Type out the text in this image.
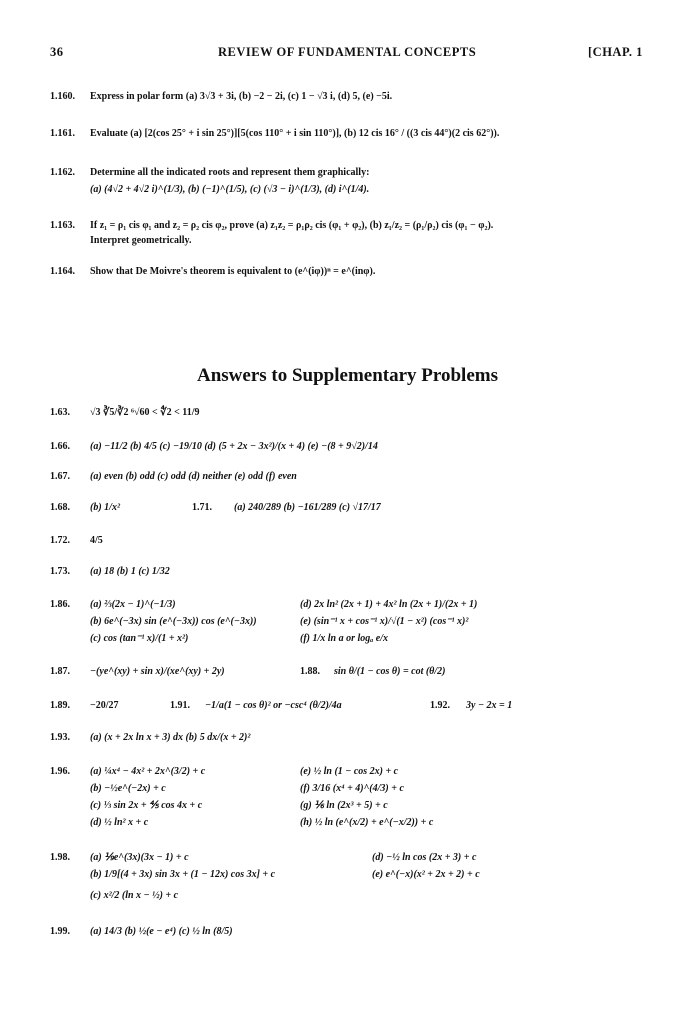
36	REVIEW OF FUNDAMENTAL CONCEPTS	[CHAP. 1
1.160. Express in polar form (a) 3√3 + 3i, (b) −2 − 2i, (c) 1 − √3 i, (d) 5, (e) −5i.
1.161. Evaluate (a) [2(cos 25° + i sin 25°)][5(cos 110° + i sin 110°)], (b) 12 cis 16° / ((3 cis 44°)(2 cis 62°)).
1.162. Determine all the indicated roots and represent them graphically:
(a) (4√2 + 4√2 i)^(1/3), (b) (−1)^(1/5), (c) (√3 − i)^(1/3), (d) i^(1/4).
1.163. If z₁ = ρ₁ cis φ₁ and z₂ = ρ₂ cis φ₂, prove (a) z₁z₂ = ρ₁ρ₂ cis (φ₁ + φ₂), (b) z₁/z₂ = (ρ₁/ρ₂) cis (φ₁ − φ₂).
Interpret geometrically.
1.164. Show that De Moivre's theorem is equivalent to (e^(iφ))ⁿ = e^(inφ).
Answers to Supplementary Problems
1.63. √3 ∛5/∛2 ⁶√60 < ∜2 < 11/9
1.66. (a) −11/2 (b) 4/5 (c) −19/10 (d) (5 + 2x − 3x²)/(x + 4) (e) −(8 + 9√2)/14
1.67. (a) even (b) odd (c) odd (d) neither (e) odd (f) even
1.68. (b) 1/x²	1.71. (a) 240/289 (b) −161/289 (c) √17/17
1.72. 4/5
1.73. (a) 18 (b) 1 (c) 1/32
1.86. (a) ⅔(2x − 1)^(−1/3)
(b) 6e^(−3x) sin (e^(−3x)) cos (e^(−3x))
(c) cos (tan⁻¹ x)/(1 + x²)
(d) 2x ln² (2x + 1) + 4x² ln (2x + 1)/(2x + 1)
(e) (sin⁻¹ x + cos⁻¹ x)/√(1 − x²) (cos⁻¹ x)²
(f) 1/x ln a or logₐ e/x
1.87. −(ye^(xy) + sin x)/(xe^(xy) + 2y)	1.88. sin θ/(1 − cos θ) = cot (θ/2)
1.89. −20/27	1.91. −1/a(1 − cos θ)² or −csc⁴ (θ/2)/4a	1.92. 3y − 2x = 1
1.93. (a) (x + 2x ln x + 3) dx (b) 5 dx/(x + 2)²
1.96. (a) ¼x⁴ − 4x² + 2x^(3/2) + c
(b) −½e^(−2x) + c
(c) ⅓ sin 2x + ⅘ cos 4x + c
(d) ½ ln² x + c
(e) ½ ln (1 − cos 2x) + c
(f) 3/16 (x⁴ + 4)^(4/3) + c
(g) ⅙ ln (2x³ + 5) + c
(h) ½ ln (e^(x/2) + e^(−x/2)) + c
1.98. (a) ⅑e^(3x)(3x − 1) + c
(b) 1/9[(4 + 3x) sin 3x + (1 − 12x) cos 3x] + c
(c) x²/2 (ln x − ½) + c
(d) −½ ln cos (2x + 3) + c
(e) e^(−x)(x² + 2x + 2) + c
1.99. (a) 14/3 (b) ½(e − e⁴) (c) ½ ln (8/5)
